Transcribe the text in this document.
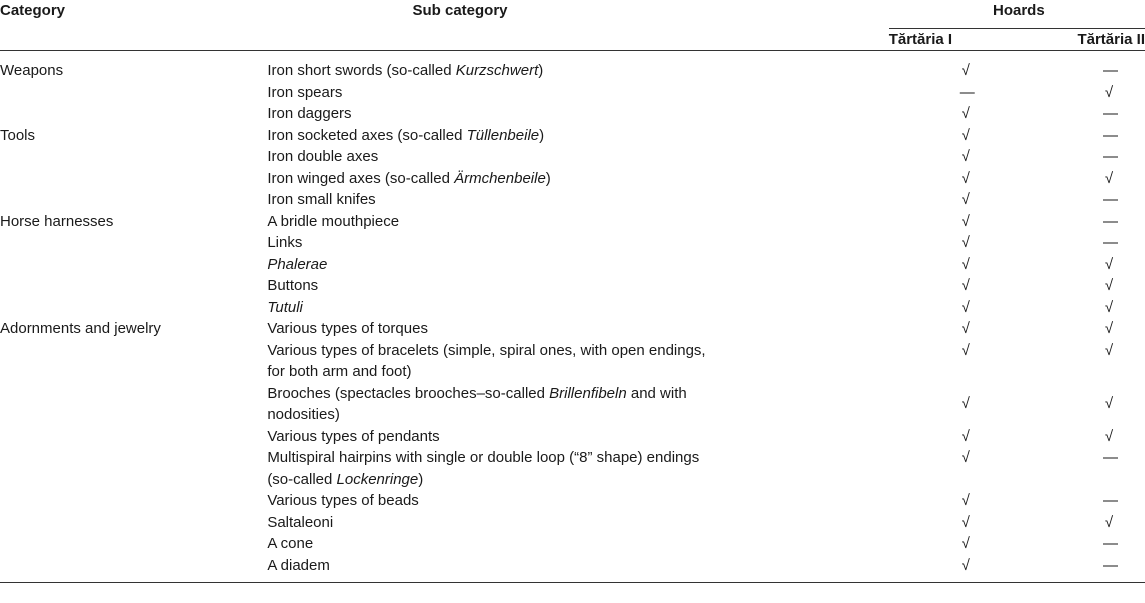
Category	Sub category	Hoards	

		Tărtăria I	Tărtăria II
Weapons	Iron short swords (so-called Kurzschwert)	√	—
	Iron spears	—	√
	Iron daggers	√	—
Tools	Iron socketed axes (so-called Tüllenbeile)	√	—
	Iron double axes	√	—
	Iron winged axes (so-called Ärmchenbeile)	√	√
	Iron small knifes	√	—
Horse harnesses	A bridle mouthpiece	√	—
	Links	√	—
	Phalerae	√	√
	Buttons	√	√
	Tutuli	√	√
Adornments and jewelry	Various types of torques	√	√
	Various types of bracelets (simple, spiral ones, with open endings,
for both arm and foot)	√	√
	Brooches (spectacles brooches–so-called Brillenfibeln and with
nodosities)	√	√
	Various types of pendants	√	√
	Multispiral hairpins with single or double loop (“8” shape) endings
(so-called Lockenringe)	√	—
	Various types of beads	√	—
	Saltaleoni	√	√
	A cone	√	—
	A diadem	√	—
